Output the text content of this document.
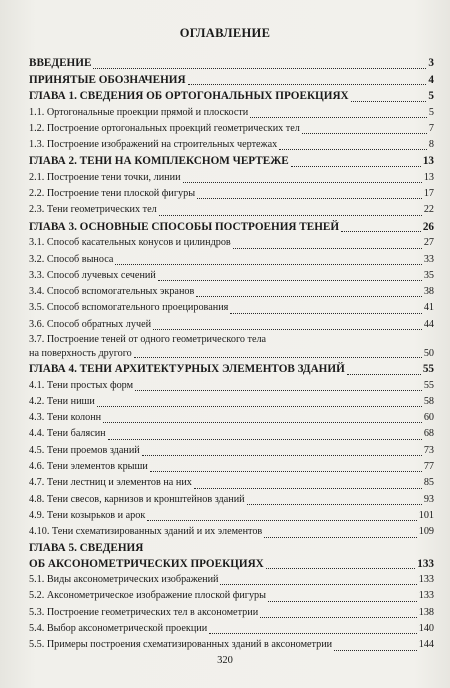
ОГЛАВЛЕНИЕ
ВВЕДЕНИЕ	3
ПРИНЯТЫЕ ОБОЗНАЧЕНИЯ	4
ГЛАВА 1. СВЕДЕНИЯ ОБ ОРТОГОНАЛЬНЫХ ПРОЕКЦИЯХ	5
1.1. Ортогональные проекции прямой и плоскости	5
1.2. Построение ортогональных проекций геометрических тел	7
1.3. Построение изображений на строительных чертежах	8
ГЛАВА 2. ТЕНИ НА КОМПЛЕКСНОМ ЧЕРТЕЖЕ	13
2.1. Построение тени точки, линии	13
2.2. Построение тени плоской фигуры	17
2.3. Тени геометрических тел	22
ГЛАВА 3. ОСНОВНЫЕ СПОСОБЫ ПОСТРОЕНИЯ ТЕНЕЙ	26
3.1. Способ касательных конусов и цилиндров	27
3.2. Способ выноса	33
3.3. Способ лучевых сечений	35
3.4. Способ вспомогательных экранов	38
3.5. Способ вспомогательного проецирования	41
3.6. Способ обратных лучей	44
3.7. Построение теней от одного геометрического тела
на поверхность другого	50
ГЛАВА 4. ТЕНИ АРХИТЕКТУРНЫХ ЭЛЕМЕНТОВ ЗДАНИЙ	55
4.1. Тени простых форм	55
4.2. Тени ниши	58
4.3. Тени колонн	60
4.4. Тени балясин	68
4.5. Тени проемов зданий	73
4.6. Тени элементов крыши	77
4.7. Тени лестниц и элементов на них	85
4.8. Тени свесов, карнизов и кронштейнов зданий	93
4.9. Тени козырьков и арок	101
4.10. Тени схематизированных зданий и их элементов	109
ГЛАВА 5. СВЕДЕНИЯ
ОБ АКСОНОМЕТРИЧЕСКИХ ПРОЕКЦИЯХ	133
5.1. Виды аксонометрических изображений	133
5.2. Аксонометрическое изображение плоской фигуры	133
5.3. Построение геометрических тел в аксонометрии	138
5.4. Выбор аксонометрической проекции	140
5.5. Примеры построения схематизированных зданий в аксонометрии	144
320
